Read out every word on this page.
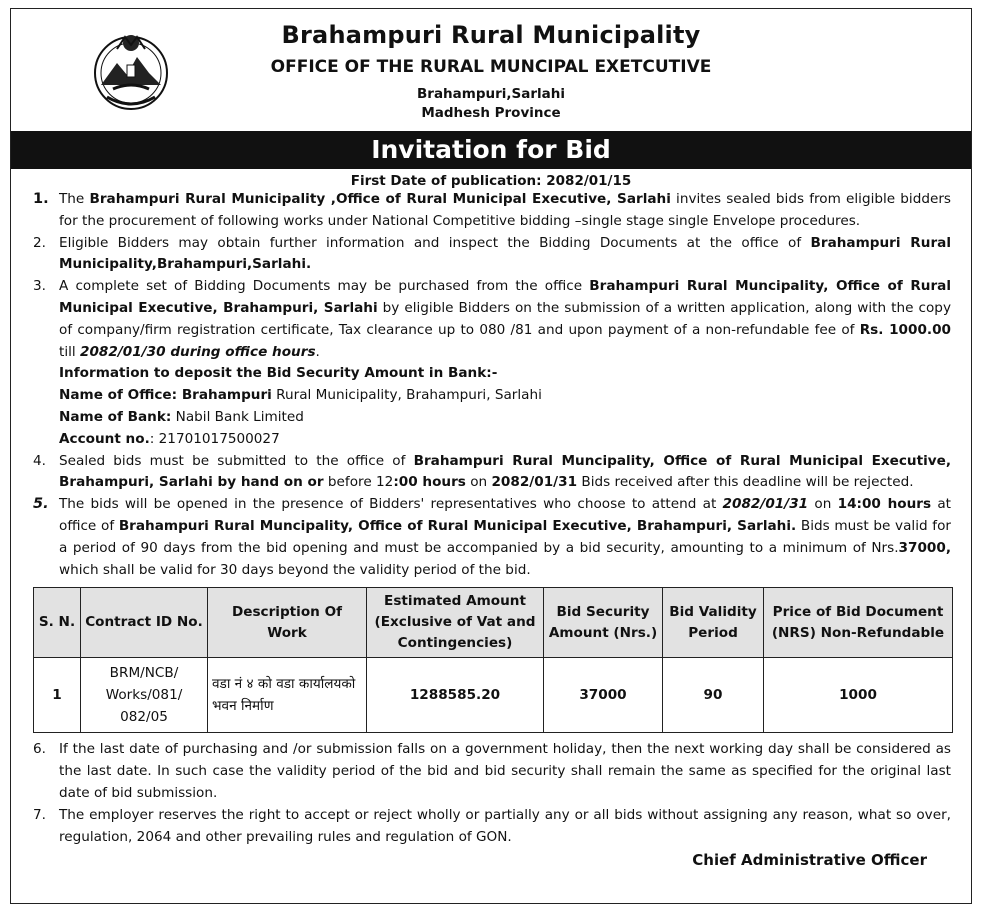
Brahampuri Rural Municipality
OFFICE OF THE RURAL MUNCIPAL EXETCUTIVE
Brahampuri,Sarlahi
Madhesh Province
Invitation for Bid
First Date of publication: 2082/01/15
1. The Brahampuri Rural Municipality ,Office of Rural Municipal Executive, Sarlahi invites sealed bids from eligible bidders for the procurement of following works under National Competitive bidding –single stage single Envelope procedures.
2. Eligible Bidders may obtain further information and inspect the Bidding Documents at the office of Brahampuri Rural Municipality,Brahampuri,Sarlahi.
3. A complete set of Bidding Documents may be purchased from the office Brahampuri Rural Muncipality, Office of Rural Municipal Executive, Brahampuri, Sarlahi by eligible Bidders on the submission of a written application, along with the copy of company/firm registration certificate, Tax clearance up to 080 /81 and upon payment of a non-refundable fee of Rs. 1000.00 till 2082/01/30 during office hours.
Information to deposit the Bid Security Amount in Bank:-
Name of Office: Brahampuri Rural Municipality, Brahampuri, Sarlahi
Name of Bank: Nabil Bank Limited
Account no.: 21701017500027
4. Sealed bids must be submitted to the office of Brahampuri Rural Muncipality, Office of Rural Municipal Executive, Brahampuri, Sarlahi by hand on or before 12:00 hours on 2082/01/31 Bids received after this deadline will be rejected.
5. The bids will be opened in the presence of Bidders' representatives who choose to attend at 2082/01/31 on 14:00 hours at office of Brahampuri Rural Muncipality, Office of Rural Municipal Executive, Brahampuri, Sarlahi. Bids must be valid for a period of 90 days from the bid opening and must be accompanied by a bid security, amounting to a minimum of Nrs.37000, which shall be valid for 30 days beyond the validity period of the bid.
S. N.	Contract ID No.	Description Of Work	Estimated Amount (Exclusive of Vat and Contingencies)	Bid Security Amount (Nrs.)	Bid Validity Period	Price of Bid Document (NRS) Non-Refundable
1	BRM/NCB/ Works/081/ 082/05	वडा नं ४ को वडा कार्यालयको भवन निर्माण	1288585.20	37000	90	1000
6. If the last date of purchasing and /or submission falls on a government holiday, then the next working day shall be considered as the last date. In such case the validity period of the bid and bid security shall remain the same as specified for the original last date of bid submission.
7. The employer reserves the right to accept or reject wholly or partially any or all bids without assigning any reason, what so over, regulation, 2064 and other prevailing rules and regulation of GON.
Chief Administrative Officer
